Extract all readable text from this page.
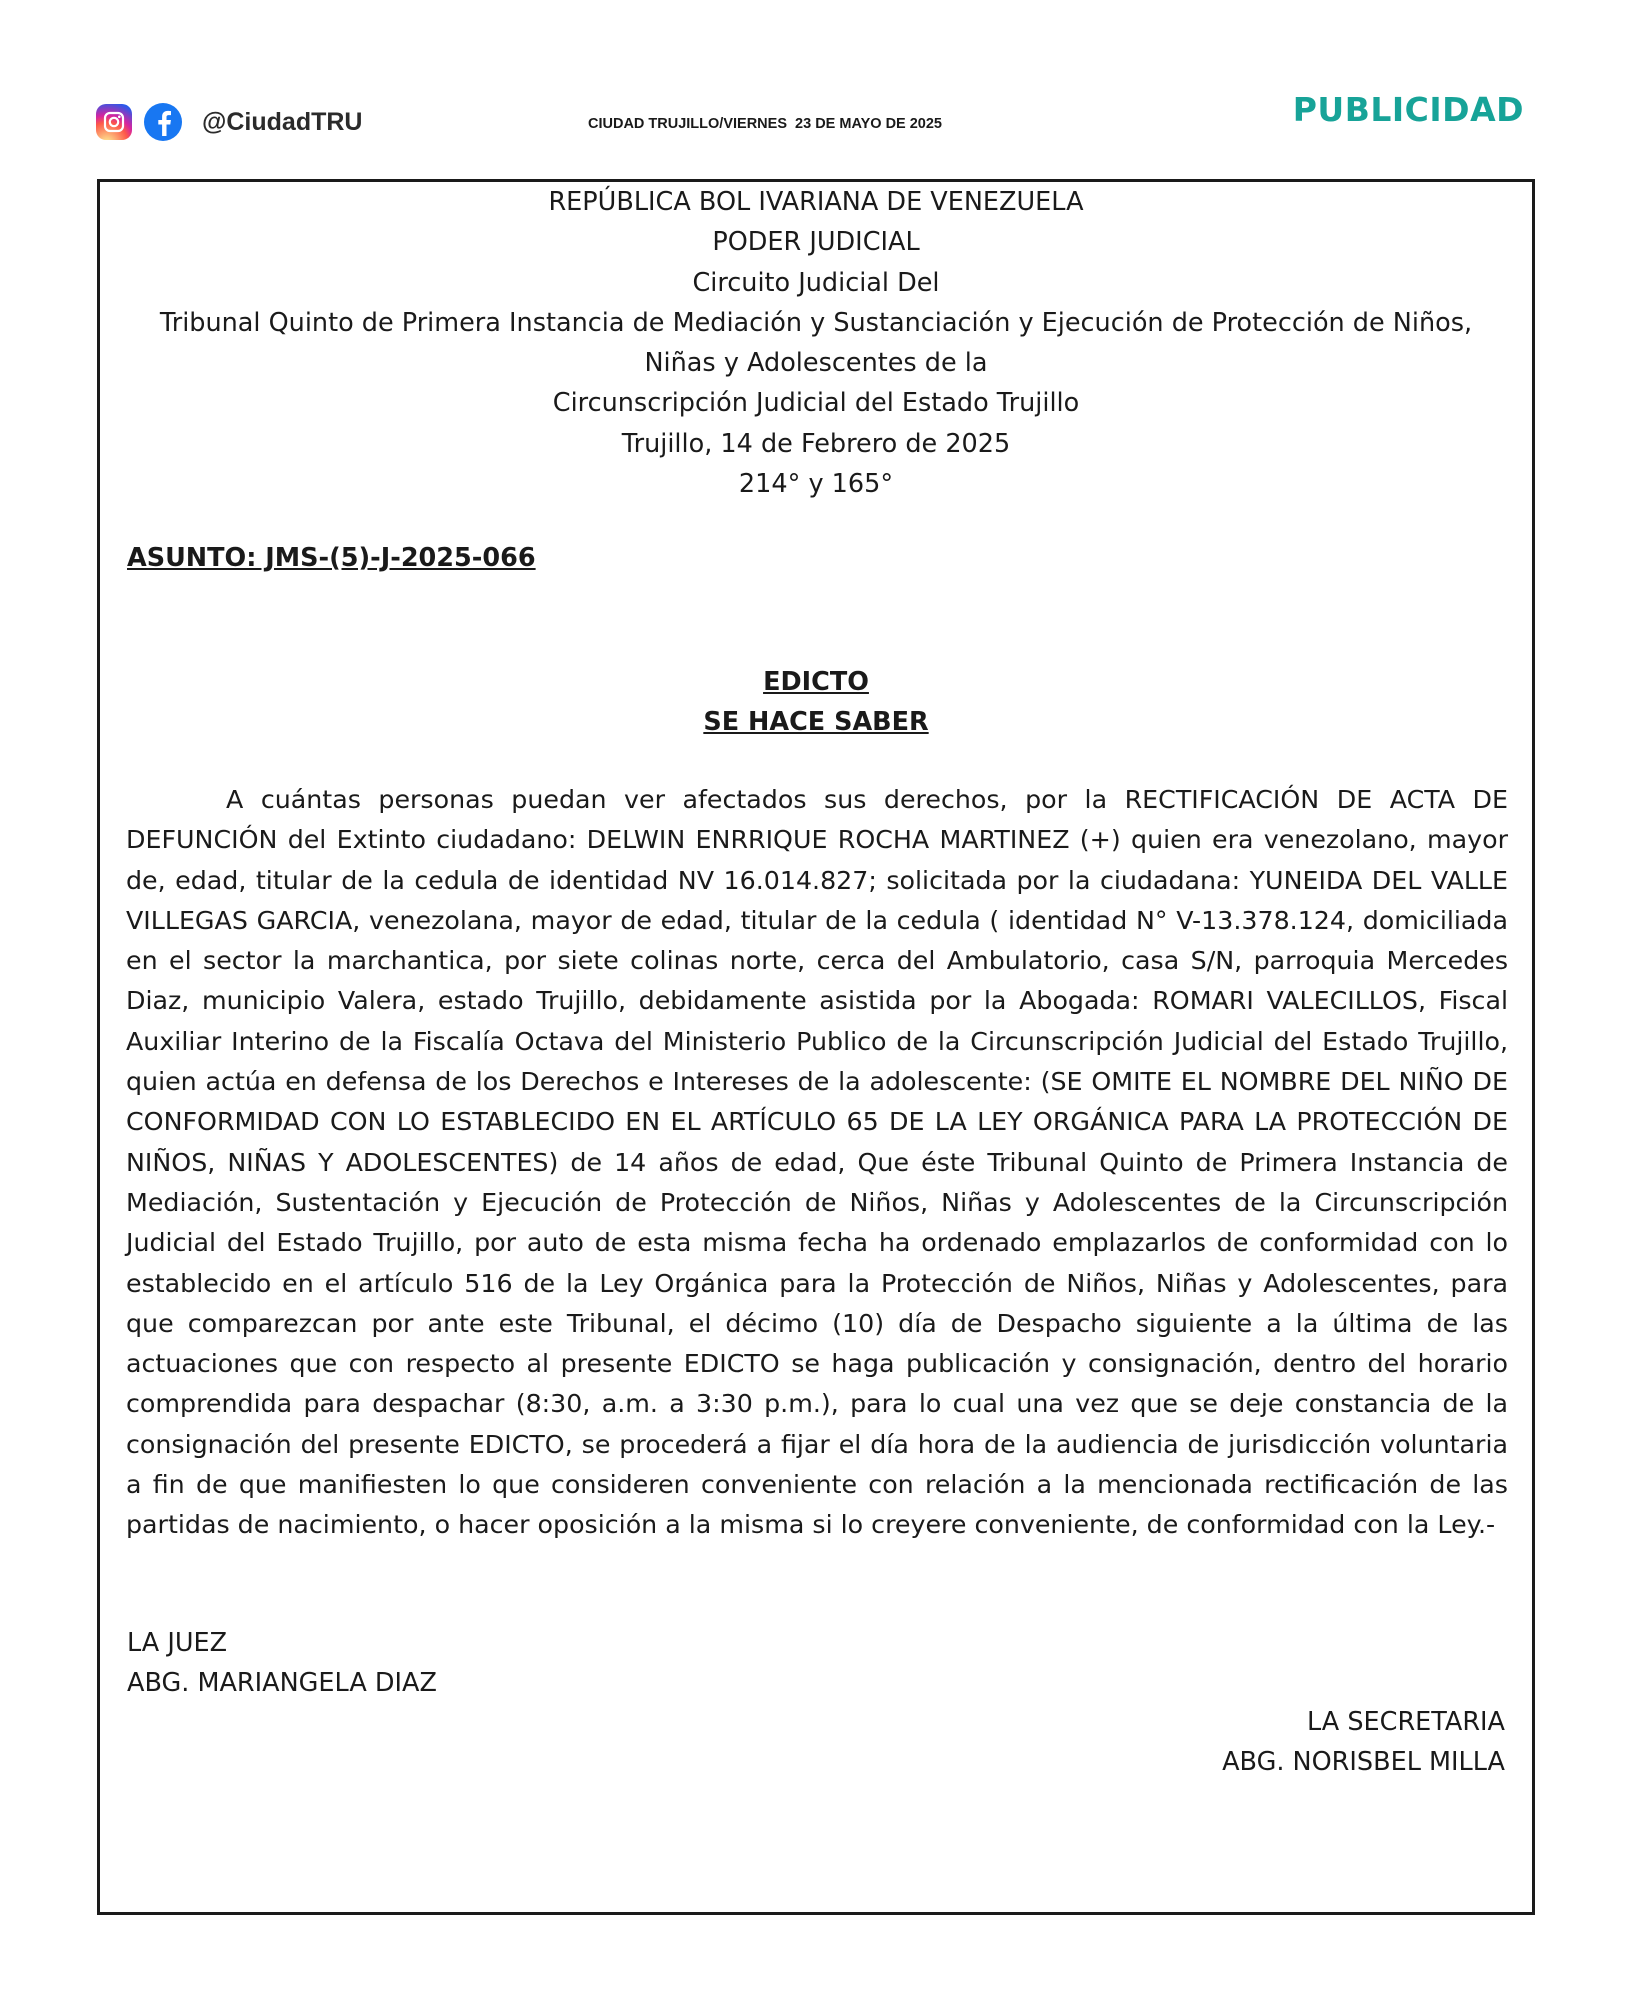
@CiudadTRU	CIUDAD TRUJILLO/VIERNES  23 DE MAYO DE 2025	PUBLICIDAD
REPÚBLICA BOL IVARIANA DE VENEZUELA
PODER JUDICIAL
Circuito Judicial Del
Tribunal Quinto de Primera Instancia de Mediación y Sustanciación y Ejecución de Protección de Niños,
Niñas y Adolescentes de la
Circunscripción Judicial del Estado Trujillo
Trujillo, 14 de Febrero de 2025
214° y 165°
ASUNTO: JMS-(5)-J-2025-066
EDICTO
SE HACE SABER

A cuántas personas puedan ver afectados sus derechos, por la RECTIFICACIÓN DE ACTA DE DEFUNCIÓN del Extinto ciudadano: DELWIN ENRRIQUE ROCHA MARTINEZ (+) quien era venezolano, mayor de, edad, titular de la cedula de identidad NV 16.014.827; solicitada por la ciudadana: YUNEIDA DEL VALLE VILLEGAS GARCIA, venezolana, mayor de edad, titular de la cedula ( identidad N° V-13.378.124, domiciliada en el sector la marchantica, por siete colinas norte, cerca del Ambulatorio, casa S/N, parroquia Mercedes Diaz, municipio Valera, estado Trujillo, debidamente asistida por la Abogada: ROMARI VALECILLOS, Fiscal Auxiliar Interino de la Fiscalía Octava del Ministerio Publico de la Circunscripción Judicial del Estado Trujillo, quien actúa en defensa de los Derechos e Intereses de la adolescente: (SE OMITE EL NOMBRE DEL NIÑO DE CONFORMIDAD CON LO ESTABLECIDO EN EL ARTÍCULO 65 DE LA LEY ORGÁNICA PARA LA PROTECCIÓN DE NIÑOS, NIÑAS Y ADOLESCENTES) de 14 años de edad, Que éste Tribunal Quinto de Primera Instancia de Mediación, Sustentación y Ejecución de Protección de Niños, Niñas y Adolescentes de la Circunscripción Judicial del Estado Trujillo, por auto de esta misma fecha ha ordenado emplazarlos de conformidad con lo establecido en el artículo 516 de la Ley Orgánica para la Protección de Niños, Niñas y Adolescentes, para que comparezcan por ante este Tribunal, el décimo (10) día de Despacho siguiente a la última de las actuaciones que con respecto al presente EDICTO se haga publicación y consignación, dentro del horario comprendida para despachar (8:30, a.m. a 3:30 p.m.), para lo cual una vez que se deje constancia de la consignación del presente EDICTO, se procederá a fijar el día hora de la audiencia de jurisdicción voluntaria a fin de que manifiesten lo que consideren conveniente con relación a la mencionada rectificación de las partidas de nacimiento, o hacer oposición a la misma si lo creyere conveniente, de conformidad con la Ley.-

LA JUEZ
ABG. MARIANGELA DIAZ
LA SECRETARIA
ABG. NORISBEL MILLA
